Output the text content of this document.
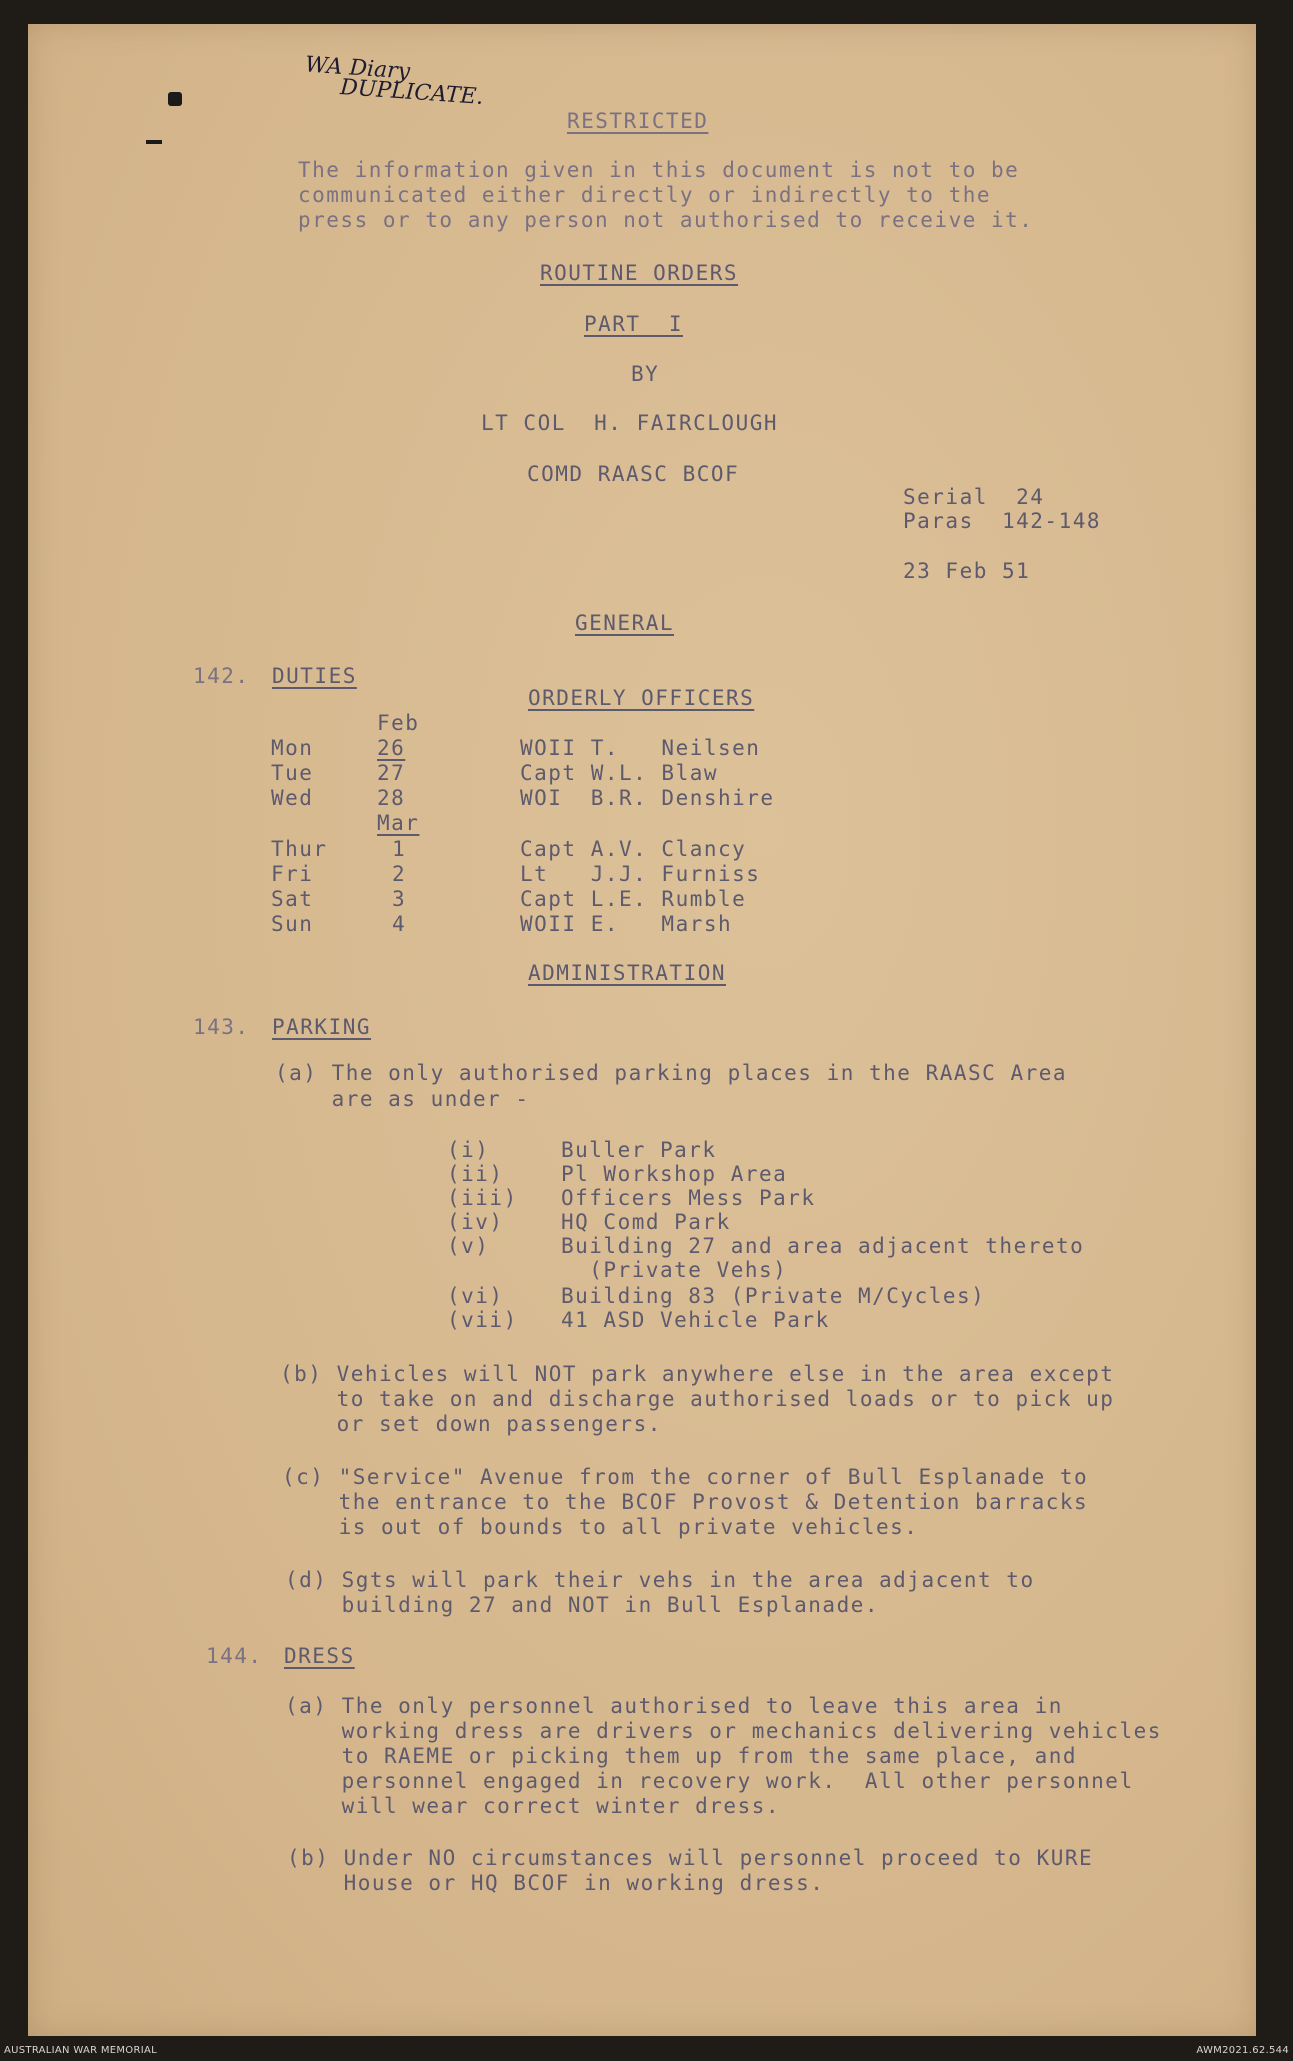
WA Diary
DUPLICATE.
RESTRICTED
The information given in this document is not to be
communicated either directly or indirectly to the
press or to any person not authorised to receive it.
ROUTINE ORDERS
PART  I
BY
LT COL  H. FAIRCLOUGH
COMD RAASC BCOF
Serial  24
Paras  142-148
23 Feb 51
GENERAL
142. DUTIES
ORDERLY OFFICERS
Feb
Mon	26	WOII T.   Neilsen
Tue	27	Capt W.L. Blaw
Wed	28	WOI  B.R. Denshire
Mar
Thur	1	Capt A.V. Clancy
Fri	2	Lt   J.J. Furniss
Sat	3	Capt L.E. Rumble
Sun	4	WOII E.   Marsh
ADMINISTRATION
143. PARKING
(a) The only authorised parking places in the RAASC Area
are as under -
(i)	Buller Park
(ii)	Pl Workshop Area
(iii) Officers Mess Park
(iv)	HQ Comd Park
(v)	Building 27 and area adjacent thereto
(Private Vehs)
(vi)	Building 83 (Private M/Cycles)
(vii) 41 ASD Vehicle Park
(b) Vehicles will NOT park anywhere else in the area except
to take on and discharge authorised loads or to pick up
or set down passengers.
(c) "Service" Avenue from the corner of Bull Esplanade to
the entrance to the BCOF Provost & Detention barracks
is out of bounds to all private vehicles.
(d) Sgts will park their vehs in the area adjacent to
building 27 and NOT in Bull Esplanade.
144. DRESS
(a) The only personnel authorised to leave this area in
working dress are drivers or mechanics delivering vehicles
to RAEME or picking them up from the same place, and
personnel engaged in recovery work.  All other personnel
will wear correct winter dress.
(b) Under NO circumstances will personnel proceed to KURE
House or HQ BCOF in working dress.
AUSTRALIAN WAR MEMORIAL	AWM2021.62.544
